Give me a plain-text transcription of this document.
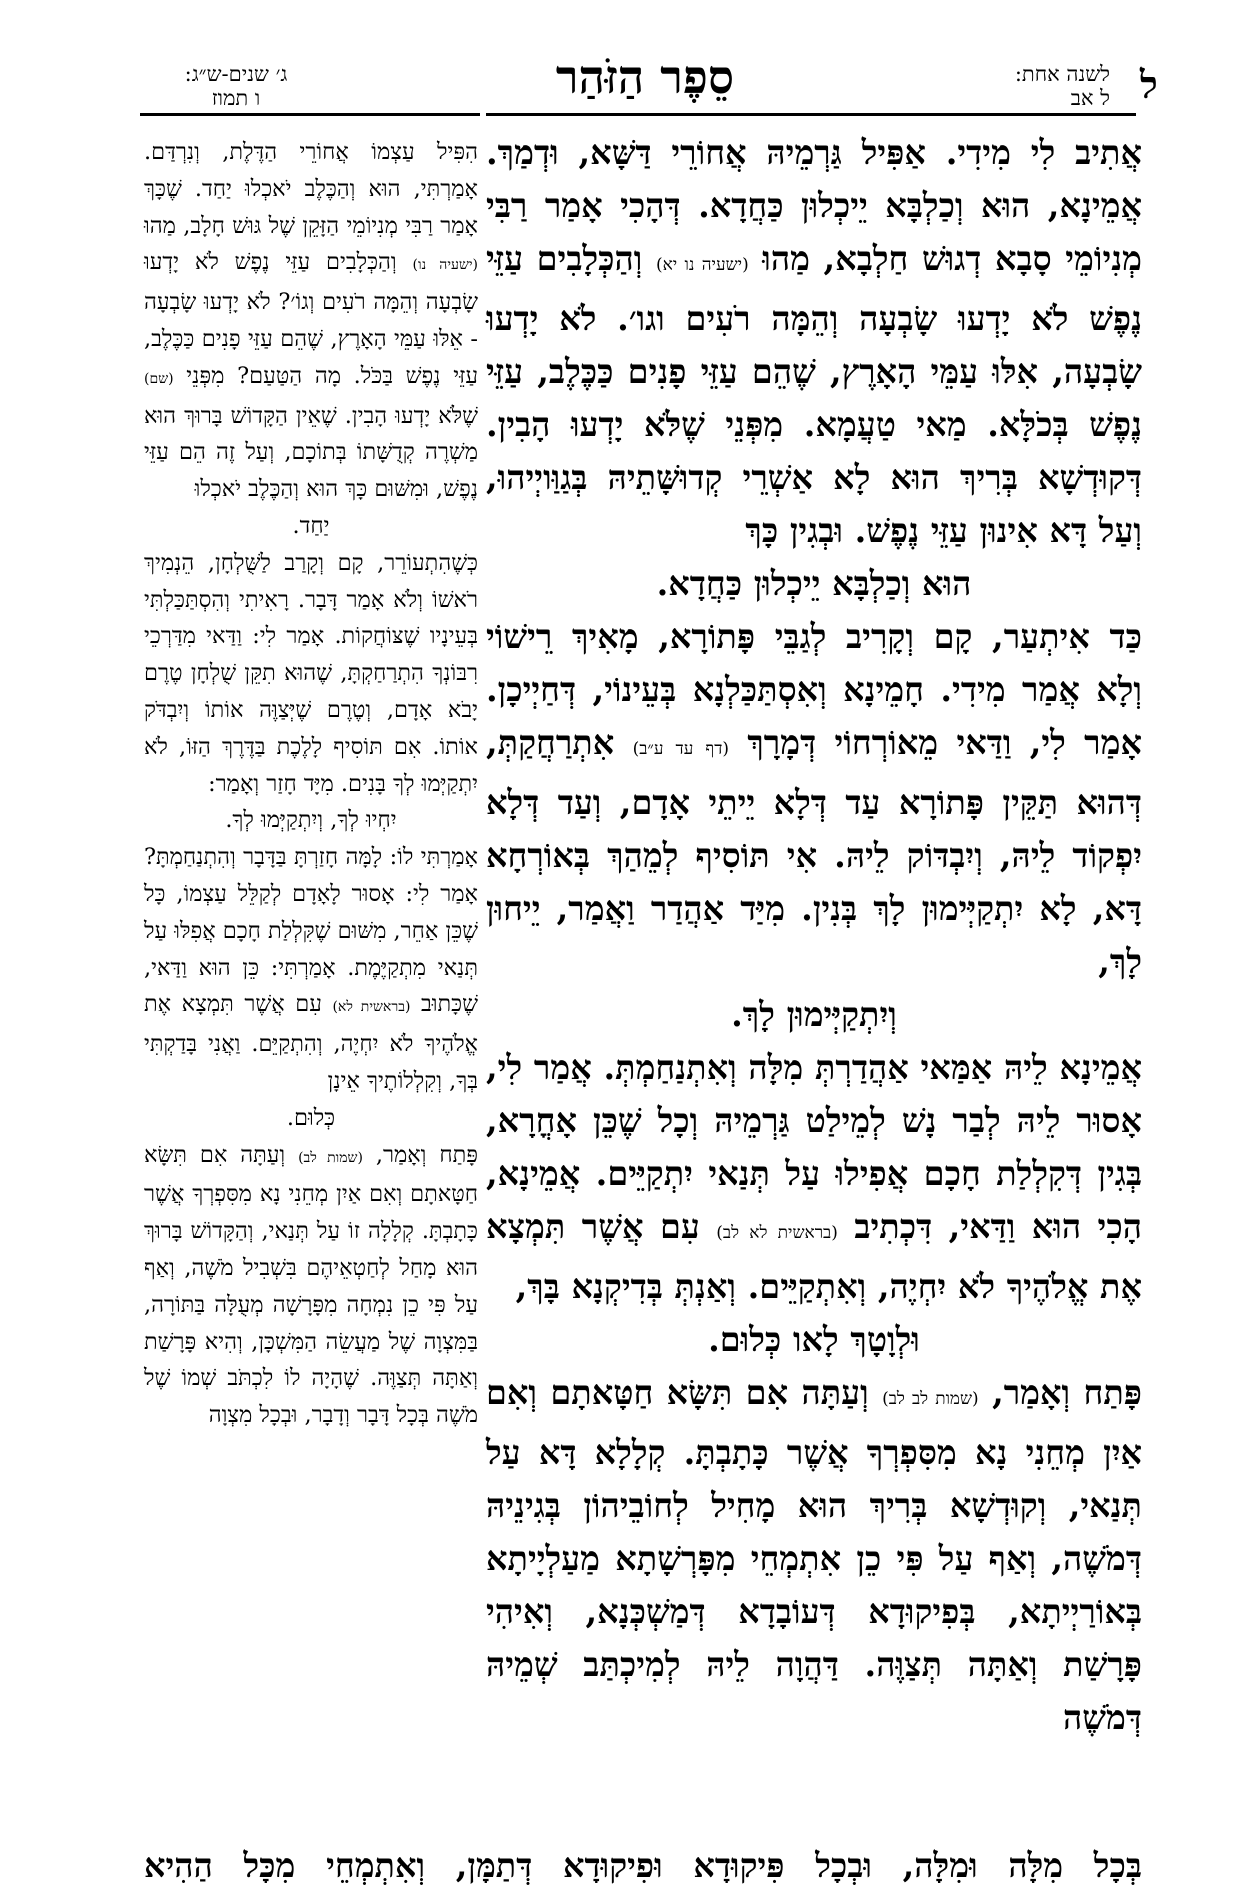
ל
לשנה אחת:
ל אב
סֵפֶר הַזֹּהַר
ג׳ שנים-ש״ג:
ו תמוז

אֲתִיב לִי מִידִי. אַפִּיל גַּרְמֵיהּ אֲחוֹרֵי דַּשָּׁא, וּדְמַךְ. אֲמֵינָא, הוּא וְכַלְבָּא יֵיכְלוּן כַּחֲדָא. דְּהָכִי אָמַר רַבִּי מְנִיוֹמֵי סָבָא דְגוּשׁ חַלְבָא, מַהוּ (ישעיה נו יא) וְהַכְּלָבִים עַזֵּי נֶפֶשׁ לֹא יָדְעוּ שָׂבְעָה וְהֵמָּה רֹעִים וגו׳. לֹא יָדְעוּ שָׂבְעָה, אִלּוּ עַמֵּי הָאָרֶץ, שֶׁהֵם עַזֵּי פָנִים כַּכֶּלֶב, עַזֵּי נֶפֶשׁ בְּכֹלָּא. מַאי טַעֲמָא. מִפְּנֵי שֶׁלֹּא יָדְעוּ הָבִין. דְּקוּדְשָׁא בְּרִיךְ הוּא לָא אַשְׁרֵי קְדוּשָּׁתֵיהּ בְּגַוַּויְיהוּ, וְעַל דָּא אִינוּן עַזֵּי נֶפֶשׁ. וּבְגִין כָּךְ

הוּא וְכַלְבָּא יֵיכְלוּן כַּחֲדָא.

כַּד אִיתְעַר, קָם וְקָרִיב לְגַבֵּי פָּתוֹרָא, מָאִיךְ רֵישׁוֹי וְלָא אֲמַר מִידִי. חָמֵינָא וְאִסְתַּכַּלְנָא בְּעֵינוֹי, דְּחַיְיכָן. אָמַר לִי, וַדַּאי מֵאוֹרְחוֹי דְּמָרָךְ (דף עד ע״ב) אִתְרַחֲקַתְּ, דְּהוּא תַּקֵּין פָּתוֹרָא עַד דְּלָא יֵיתֵי אָדָם, וְעַד דְּלָא יִפְקוֹד לֵיהּ, וְיִבְדּוֹק לֵיהּ. אִי תּוֹסִיף לְמֵהַךְ בְּאוֹרְחָא דָּא, לָא יִתְקַיְּימוּן לָךְ בְּנִין. מִיַּד אַהֲדַר וַאֲמַר, יֵיחוּן לָךְ,

וְיִתְקַיְּימוּן לָךְ.

אֲמֵינָא לֵיהּ אַמַּאי אַהֲדַרְתְּ מִלָּה וְאִתְנַחַמְתְּ. אֲמַר לִי, אָסוּר לֵיהּ לְבַר נָשׁ לְמֵילַט גַּרְמֵיהּ וְכָל שֶׁכֵּן אָחֳרָא, בְּגִין דְּקִלְלַת חָכָם אֲפִילוּ עַל תְּנַאי יִתְקַיֵּים. אֲמֵינָא, הָכִי הוּא וַדַּאי, דִּכְתִיב (בראשית לא לב) עִם אֲשֶׁר תִּמְצָא אֶת אֱלֹהֶיךָ לֹא יִחְיֶה, וְאִתְקַיֵּים. וְאַנְתְּ בְּדִיקְנָא בָּךְ,

וּלְוָטָךְ לָאו כְּלוּם.

פָּתַח וְאָמַר, (שמות לב לב) וְעַתָּה אִם תִּשָּׂא חַטָּאתָם וְאִם אַיִן מְחֵנִי נָא מִסִּפְרְךָ אֲשֶׁר כָּתָבְתָּ. קְלָלָא דָּא עַל תְּנַאי, וְקוּדְשָׁא בְּרִיךְ הוּא מָחִיל לְחוֹבֵיהוֹן בְּגִינֵיהּ דְּמֹשֶׁה, וְאַף עַל פִּי כֵן אִתְמְחֵי מִפָּרְשָׁתָא מַעַלְיָיתָא בְּאוֹרַיְיתָא, בְּפִיקוּדָא דְּעוֹבָדָא דְּמַשְׁכְּנָא, וְאִיהִי פָּרָשַׁת וְאַתָּה תְּצַוֶּה. דַּהֲוָה לֵיהּ לְמִיכְתַּב שְׁמֵיהּ דְּמֹשֶׁה

הִפִּיל עַצְמוֹ אֲחוֹרֵי הַדֶּלֶת, וְנִרְדַּם. אָמַרְתִּי, הוּא וְהַכֶּלֶב יֹאכְלוּ יַחַד. שֶׁכָּךְ אָמַר רַבִּי מְנִיוֹמֵי הַזָּקֵן שֶׁל גּוּשׁ חָלָב, מַהוּ (ישעיה נו) וְהַכְּלָבִים עַזֵּי נֶפֶשׁ לֹא יָדְעוּ שָׂבְעָה וְהֵמָּה רֹעִים וְגוֹ׳? לֹא יָדְעוּ שָׂבְעָה - אֵלּוּ עַמֵּי הָאָרֶץ, שֶׁהֵם עַזֵּי פָנִים כַּכֶּלֶב, עַזֵּי נֶפֶשׁ בַּכֹּל. מָה הַטַּעַם? מִפְּנֵי (שם) שֶׁלֹּא יָדְעוּ הָבִין. שֶׁאֵין הַקָּדוֹשׁ בָּרוּךְ הוּא מַשְׁרֶה קְדֻשָּׁתוֹ בְּתוֹכָם, וְעַל זֶה הֵם עַזֵּי נֶפֶשׁ, וּמִשּׁוּם כָּךְ הוּא וְהַכֶּלֶב יֹאכְלוּ

יַחַד.

כְּשֶׁהִתְעוֹרֵר, קָם וְקָרַב לַשֻּׁלְחָן, הֵנְמִיךְ רֹאשׁוֹ וְלֹא אָמַר דָּבָר. רָאִיתִי וְהִסְתַּכַּלְתִּי בְּעֵינָיו שֶׁצּוֹחֲקוֹת. אָמַר לִי: וַדַּאי מִדַּרְכֵי רִבּוֹנְךָ הִתְרַחַקְתָּ, שֶׁהוּא תִקֵּן שֻׁלְחָן טֶרֶם יָבֹא אָדָם, וְטֶרֶם שֶׁיְּצַוֶּה אוֹתוֹ וְיִבְדֹּק אוֹתוֹ. אִם תּוֹסִיף לָלֶכֶת בַּדֶּרֶךְ הַזּוֹ, לֹא יִתְקַיְּמוּ לְךָ בָּנִים. מִיָּד חָזַר וְאָמַר:

יִחְיוּ לְךָ, וְיִתְקַיְּמוּ לְךָ.

אָמַרְתִּי לוֹ: לָמָּה חָזַרְתָּ בַּדָּבָר וְהִתְנַחַמְתָּ? אָמַר לִי: אָסוּר לָאָדָם לְקַלֵּל עַצְמוֹ, כָּל שֶׁכֵּן אַחֵר, מִשּׁוּם שֶׁקִּלְלַת חָכָם אֲפִלּוּ עַל תְּנַאי מִתְקַיֶּמֶת. אָמַרְתִּי: כֵּן הוּא וַדַּאי, שֶׁכָּתוּב (בראשית לא) עִם אֲשֶׁר תִּמְצָא אֶת אֱלֹהֶיךָ לֹא יִחְיֶה, וְהִתְקַיֵּם. וַאֲנִי בָּדַקְתִּי בְּךָ, וְקִלְלוֹתֶיךָ אֵינָן

כְּלוּם.

פָּתַח וְאָמַר, (שמות לב) וְעַתָּה אִם תִּשָּׂא חַטָּאתָם וְאִם אַיִן מְחֵנִי נָא מִסִּפְרְךָ אֲשֶׁר כָּתָבְתָּ. קְלָלָה זוֹ עַל תְּנַאי, וְהַקָּדוֹשׁ בָּרוּךְ הוּא מָחַל לְחַטְאֵיהֶם בִּשְׁבִיל מֹשֶׁה, וְאַף עַל פִּי כֵן נִמְחָה מִפָּרָשָׁה מְעֻלָּה בַּתּוֹרָה, בַּמִּצְוָה שֶׁל מַעֲשֵׂה הַמִּשְׁכָּן, וְהִיא פָּרָשַׁת וְאַתָּה תְּצַוֶּה. שֶׁהָיָה לוֹ לִכְתֹּב שְׁמוֹ שֶׁל מֹשֶׁה בְּכָל דָּבָר וְדָבָר, וּבְכָל מִצְוָה

בְּכָל מִלָּה וּמִלָּה, וּבְכָל פִּיקוּדָא וּפִיקוּדָא דְּתַמָּן, וְאִתְמְחֵי מִכָּל הַהִיא
